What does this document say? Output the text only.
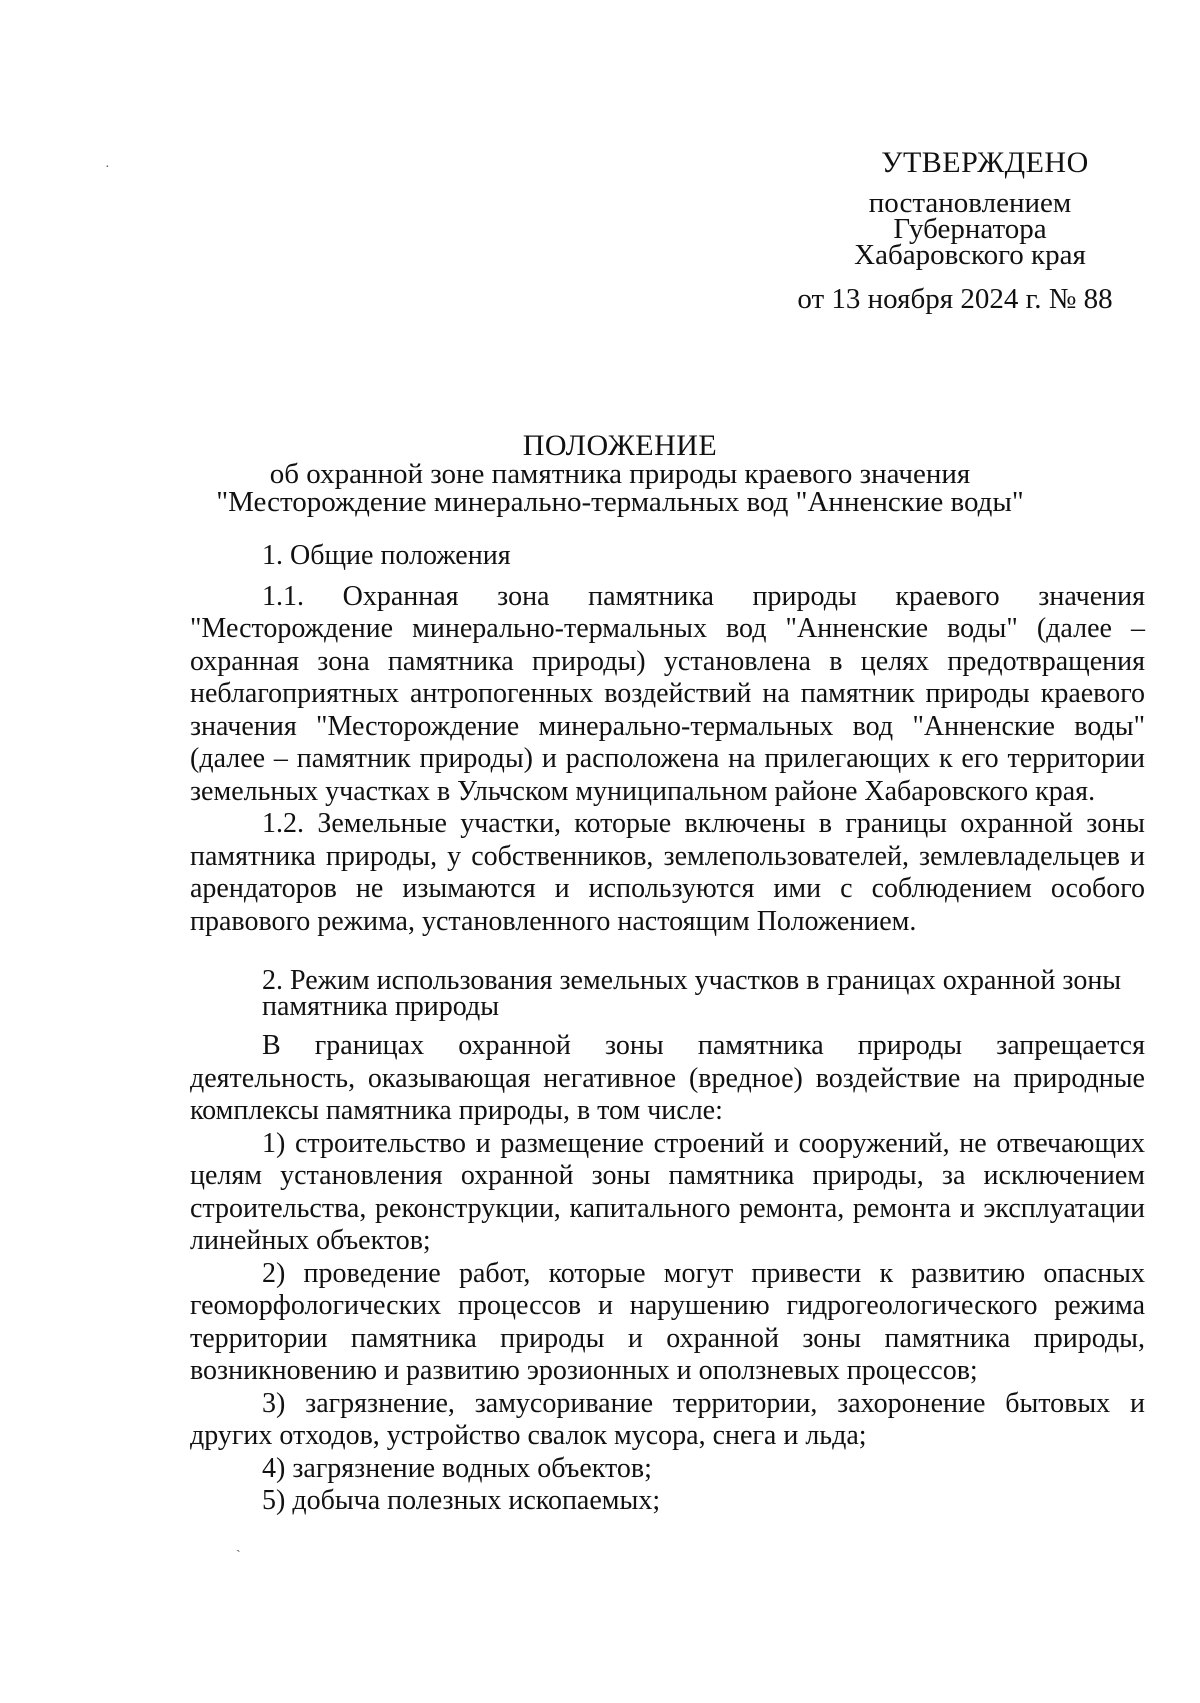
УТВЕРЖДЕНО
постановлением
Губернатора
Хабаровского края
от 13 ноября 2024 г. № 88
ПОЛОЖЕНИЕ
об охранной зоне памятника природы краевого значения
"Месторождение минерально-термальных вод "Анненские воды"
1. Общие положения

1.1. Охранная зона памятника природы краевого значения "Месторождение минерально-термальных вод "Анненские воды" (далее – охранная зона памятника природы) установлена в целях предотвращения неблагоприятных антропогенных воздействий на памятник природы краевого значения "Месторождение минерально-термальных вод "Анненские воды" (далее – памятник природы) и расположена на прилегающих к его территории земельных участках в Ульчском муниципальном районе Хабаровского края.

1.2. Земельные участки, которые включены в границы охранной зоны памятника природы, у собственников, землепользователей, землевладельцев и арендаторов не изымаются и используются ими с соблюдением особого правового режима, установленного настоящим Положением.

2. Режим использования земельных участков в границах охранной зоны памятника природы

В границах охранной зоны памятника природы запрещается деятельность, оказывающая негативное (вредное) воздействие на природные комплексы памятника природы, в том числе:

1) строительство и размещение строений и сооружений, не отвечающих целям установления охранной зоны памятника природы, за исключением строительства, реконструкции, капитального ремонта, ремонта и эксплуатации линейных объектов;

2) проведение работ, которые могут привести к развитию опасных геоморфологических процессов и нарушению гидрогеологического режима территории памятника природы и охранной зоны памятника природы, возникновению и развитию эрозионных и оползневых процессов;

3) загрязнение, замусоривание территории, захоронение бытовых и других отходов, устройство свалок мусора, снега и льда;

4) загрязнение водных объектов;

5) добыча полезных ископаемых;

·
ˏ
